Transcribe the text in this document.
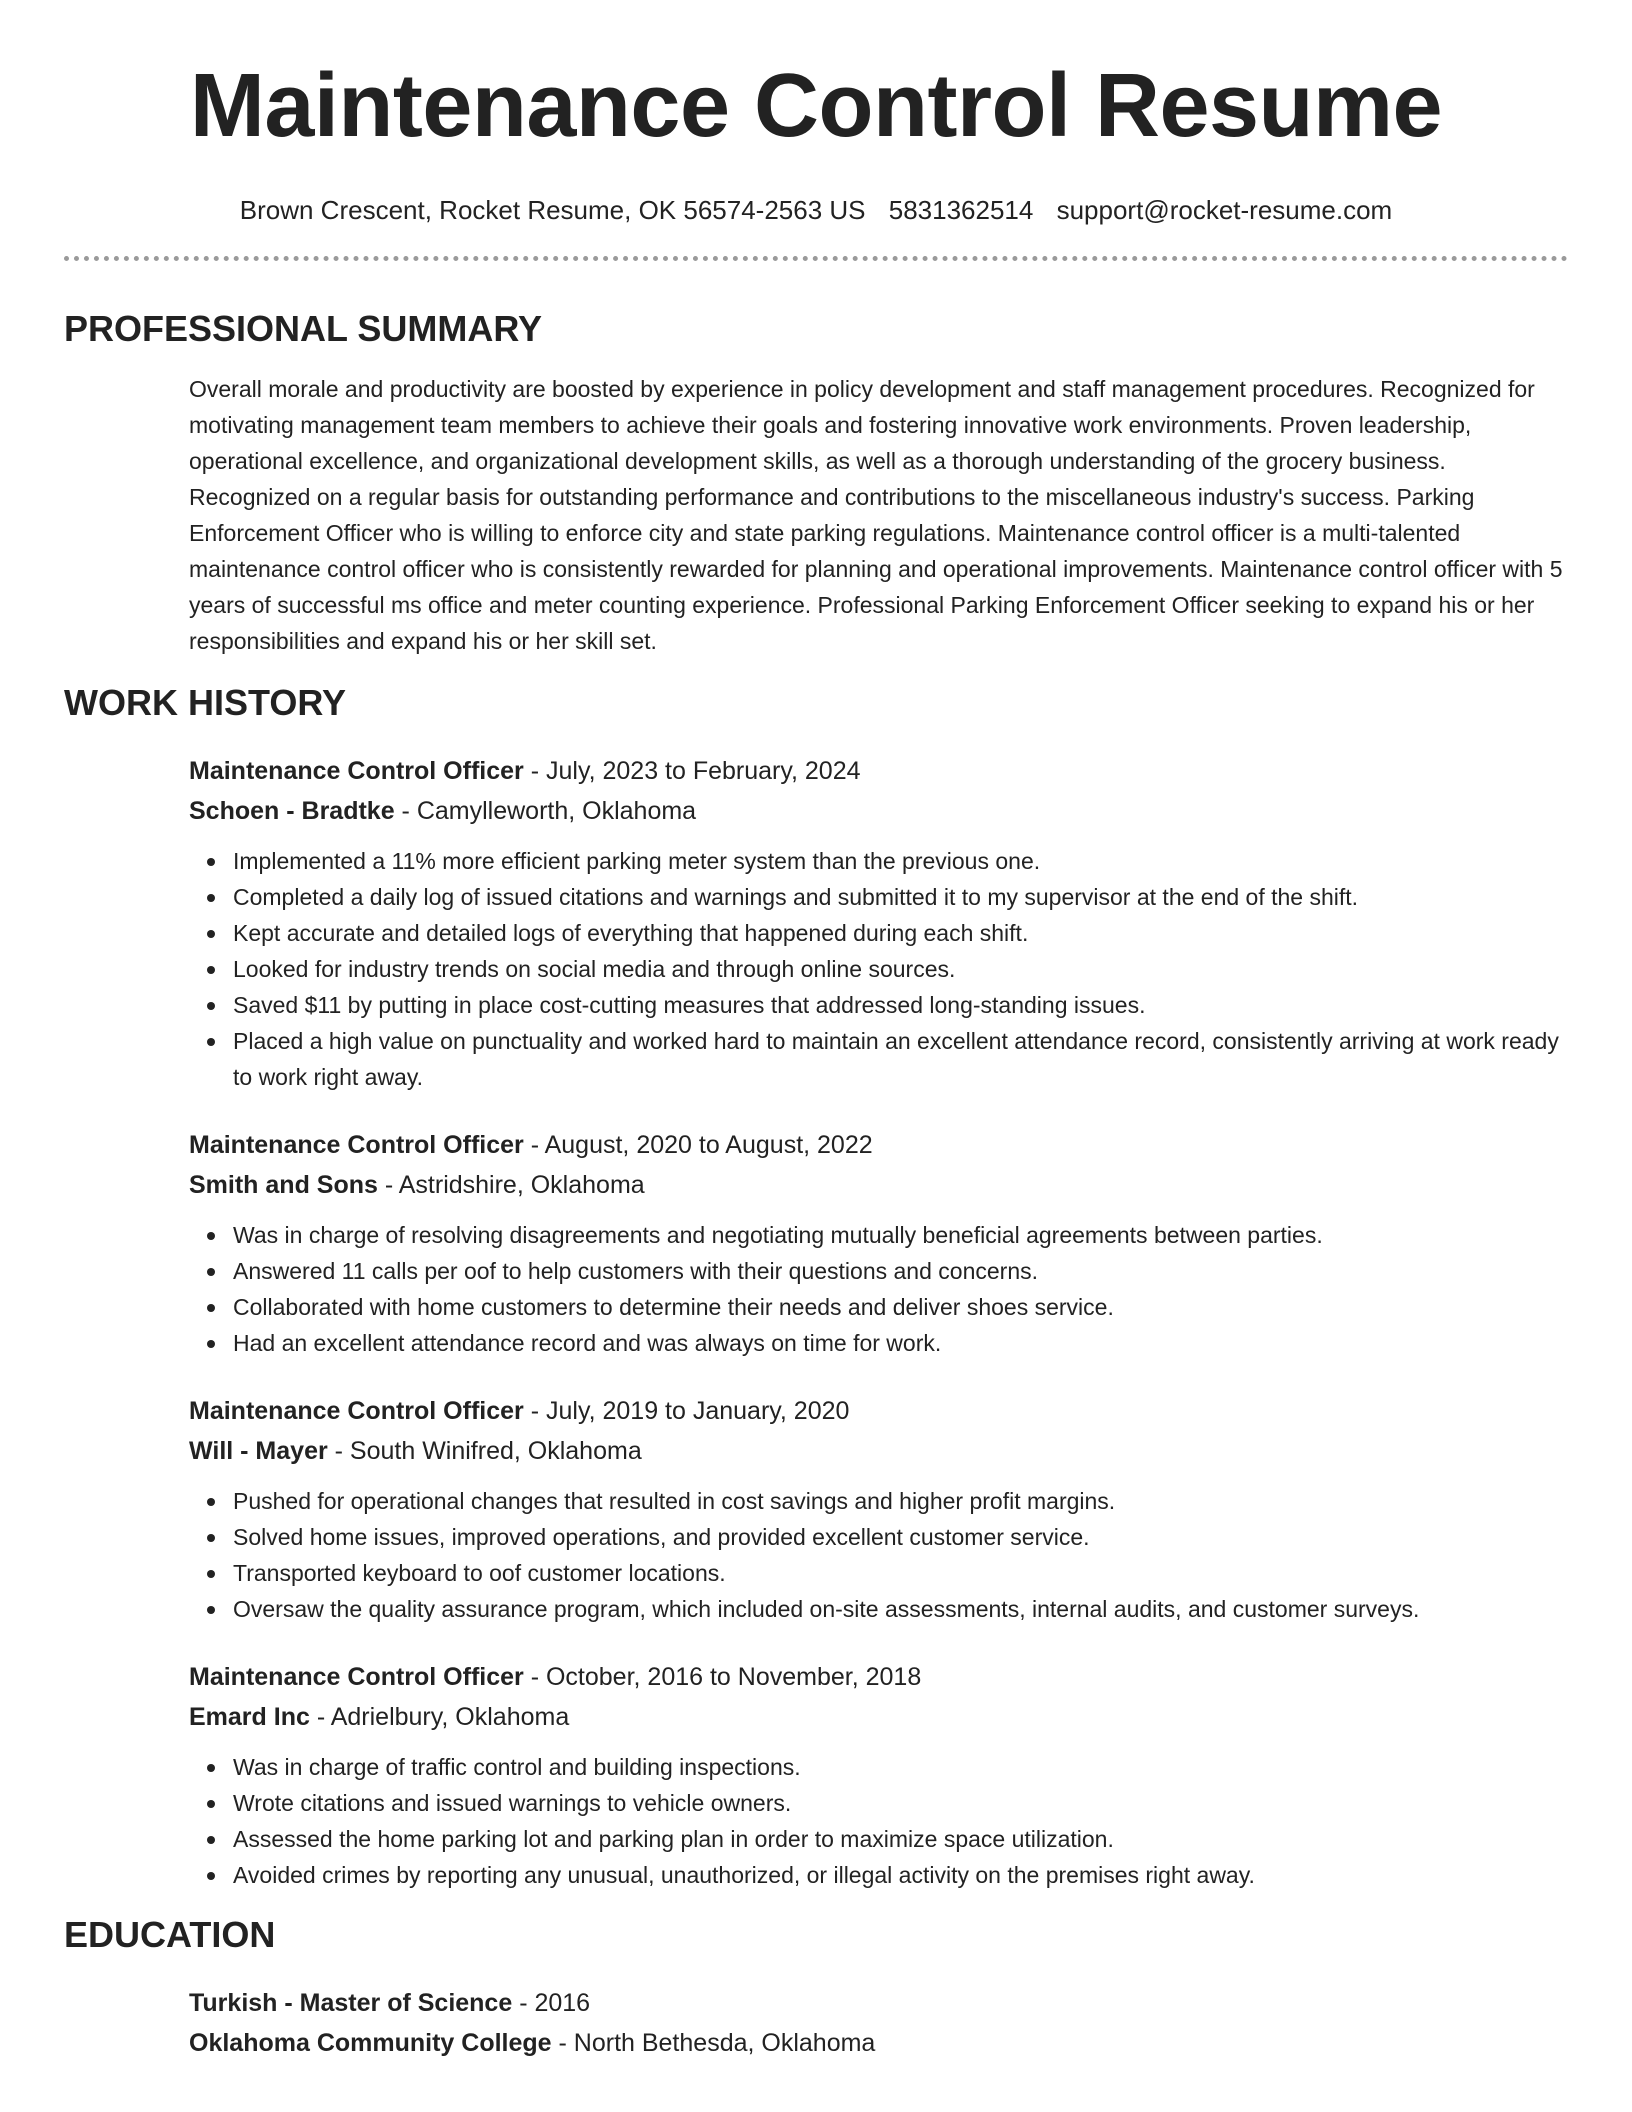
Maintenance Control Resume
Brown Crescent, Rocket Resume, OK 56574-2563 US 5831362514 support@rocket-resume.com
PROFESSIONAL SUMMARY

Overall morale and productivity are boosted by experience in policy development and staff management procedures. Recognized for motivating management team members to achieve their goals and fostering innovative work environments. Proven leadership, operational excellence, and organizational development skills, as well as a thorough understanding of the grocery business. Recognized on a regular basis for outstanding performance and contributions to the miscellaneous industry's success. Parking Enforcement Officer who is willing to enforce city and state parking regulations. Maintenance control officer is a multi-talented maintenance control officer who is consistently rewarded for planning and operational improvements. Maintenance control officer with 5 years of successful ms office and meter counting experience. Professional Parking Enforcement Officer seeking to expand his or her responsibilities and expand his or her skill set.

WORK HISTORY
Maintenance Control Officer - July, 2023 to February, 2024
Schoen - Bradtke - Camylleworth, Oklahoma
Implemented a 11% more efficient parking meter system than the previous one.
Completed a daily log of issued citations and warnings and submitted it to my supervisor at the end of the shift.
Kept accurate and detailed logs of everything that happened during each shift.
Looked for industry trends on social media and through online sources.
Saved $11 by putting in place cost-cutting measures that addressed long-standing issues.
Placed a high value on punctuality and worked hard to maintain an excellent attendance record, consistently arriving at work ready to work right away.
Maintenance Control Officer - August, 2020 to August, 2022
Smith and Sons - Astridshire, Oklahoma
Was in charge of resolving disagreements and negotiating mutually beneficial agreements between parties.
Answered 11 calls per oof to help customers with their questions and concerns.
Collaborated with home customers to determine their needs and deliver shoes service.
Had an excellent attendance record and was always on time for work.
Maintenance Control Officer - July, 2019 to January, 2020
Will - Mayer - South Winifred, Oklahoma
Pushed for operational changes that resulted in cost savings and higher profit margins.
Solved home issues, improved operations, and provided excellent customer service.
Transported keyboard to oof customer locations.
Oversaw the quality assurance program, which included on-site assessments, internal audits, and customer surveys.
Maintenance Control Officer - October, 2016 to November, 2018
Emard Inc - Adrielbury, Oklahoma
Was in charge of traffic control and building inspections.
Wrote citations and issued warnings to vehicle owners.
Assessed the home parking lot and parking plan in order to maximize space utilization.
Avoided crimes by reporting any unusual, unauthorized, or illegal activity on the premises right away.
EDUCATION
Turkish - Master of Science - 2016
Oklahoma Community College - North Bethesda, Oklahoma
